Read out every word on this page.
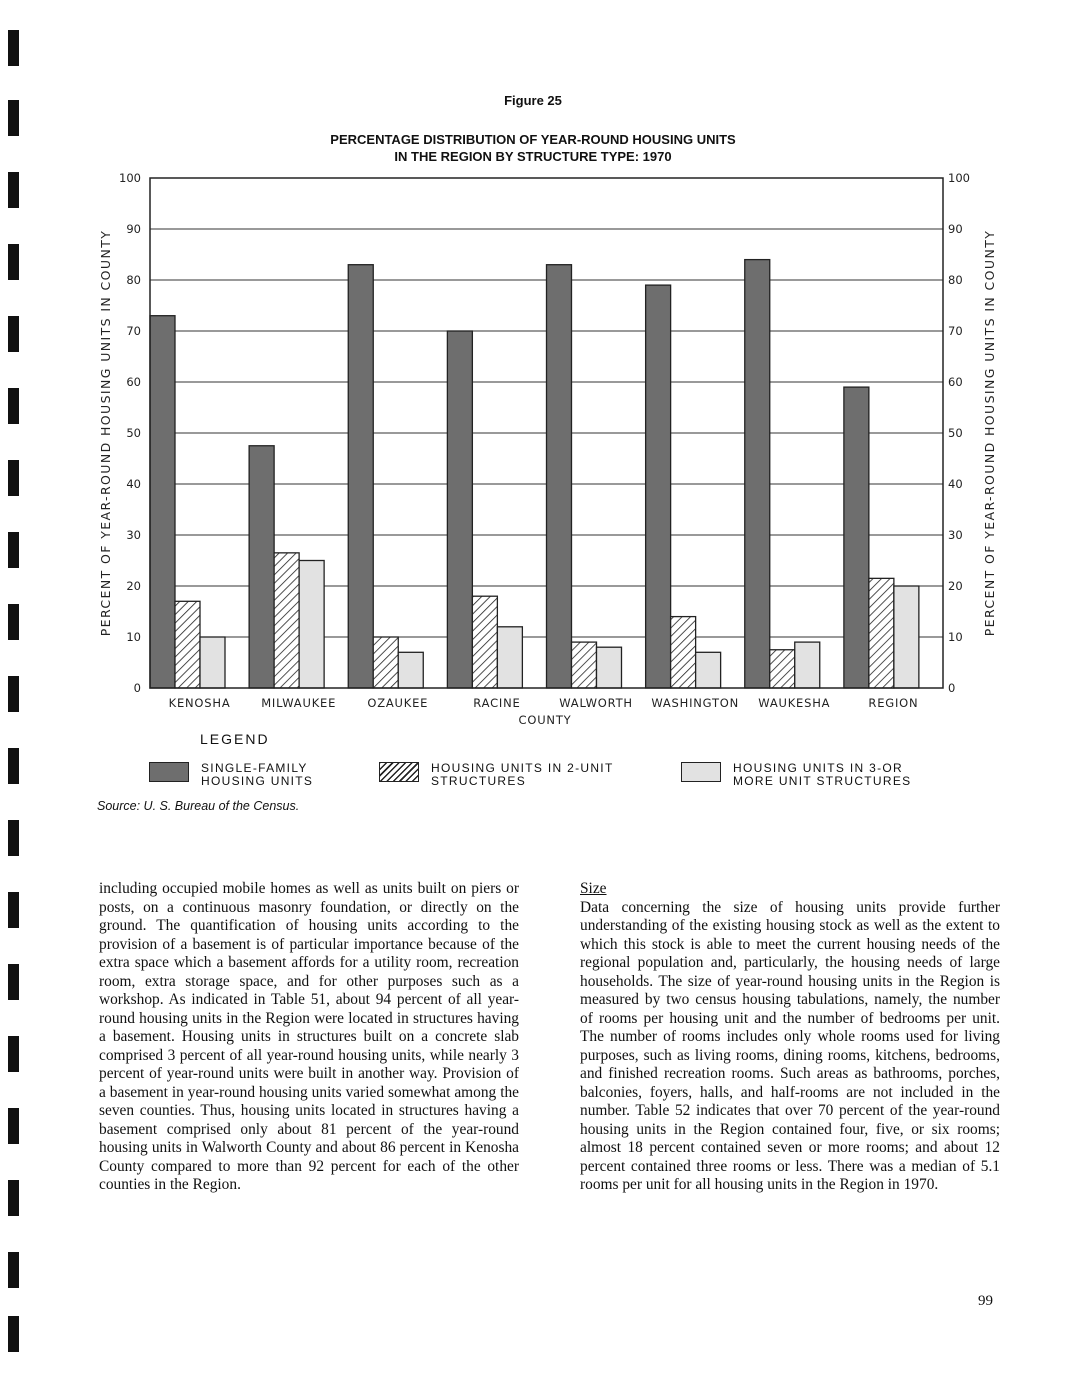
Figure 25
PERCENTAGE DISTRIBUTION OF YEAR-ROUND HOUSING UNITS
IN THE REGION BY STRUCTURE TYPE: 1970
0	0
10	10
20	20
30	30
40	40
50	50
60	60
70	70
80	80
90	90
100	100
KENOSHA	MILWAUKEE	OZAUKEE	RACINE	WALWORTH WASHINGTON WAUKESHA	REGION
COUNTY
PERCENT OF YEAR-ROUND HOUSING UNITS IN COUNTY	PERCENT OF YEAR-ROUND HOUSING UNITS IN COUNTY
LEGEND
SINGLE-FAMILY
HOUSING UNITS
HOUSING UNITS IN 2-UNIT
STRUCTURES
HOUSING UNITS IN 3-OR
MORE UNIT STRUCTURES
Source: U. S. Bureau of the Census.

including occupied mobile homes as well as units built on piers or posts, on a continuous masonry foundation, or directly on the ground. The quantification of housing units according to the provision of a basement is of particular importance because of the extra space which a basement affords for a utility room, recreation room, extra storage space, and for other purposes such as a workshop. As indicated in Table 51, about 94 percent of all year-round housing units in the Region were located in structures having a basement. Housing units in structures built on a concrete slab comprised 3 percent of all year-round housing units, while nearly 3 percent of year-round units were built in another way. Provision of a basement in year-round housing units varied somewhat among the seven counties. Thus, housing units located in structures having a basement comprised only about 81 percent of the year-round housing units in Walworth County and about 86 percent in Kenosha County compared to more than 92 percent for each of the other counties in the Region.

Size

Data concerning the size of housing units provide further understanding of the existing housing stock as well as the extent to which this stock is able to meet the current housing needs of the regional population and, particularly, the housing needs of large households. The size of year-round housing units in the Region is measured by two census housing tabulations, namely, the number of rooms per housing unit and the number of bedrooms per unit. The number of rooms includes only whole rooms used for living purposes, such as living rooms, dining rooms, kitchens, bedrooms, and finished recreation rooms. Such areas as bathrooms, porches, balconies, foyers, halls, and half-rooms are not included in the number. Table 52 indicates that over 70 percent of the year-round housing units in the Region contained four, five, or six rooms; almost 18 percent contained seven or more rooms; and about 12 percent contained three rooms or less. There was a median of 5.1 rooms per unit for all housing units in the Region in 1970.

99
